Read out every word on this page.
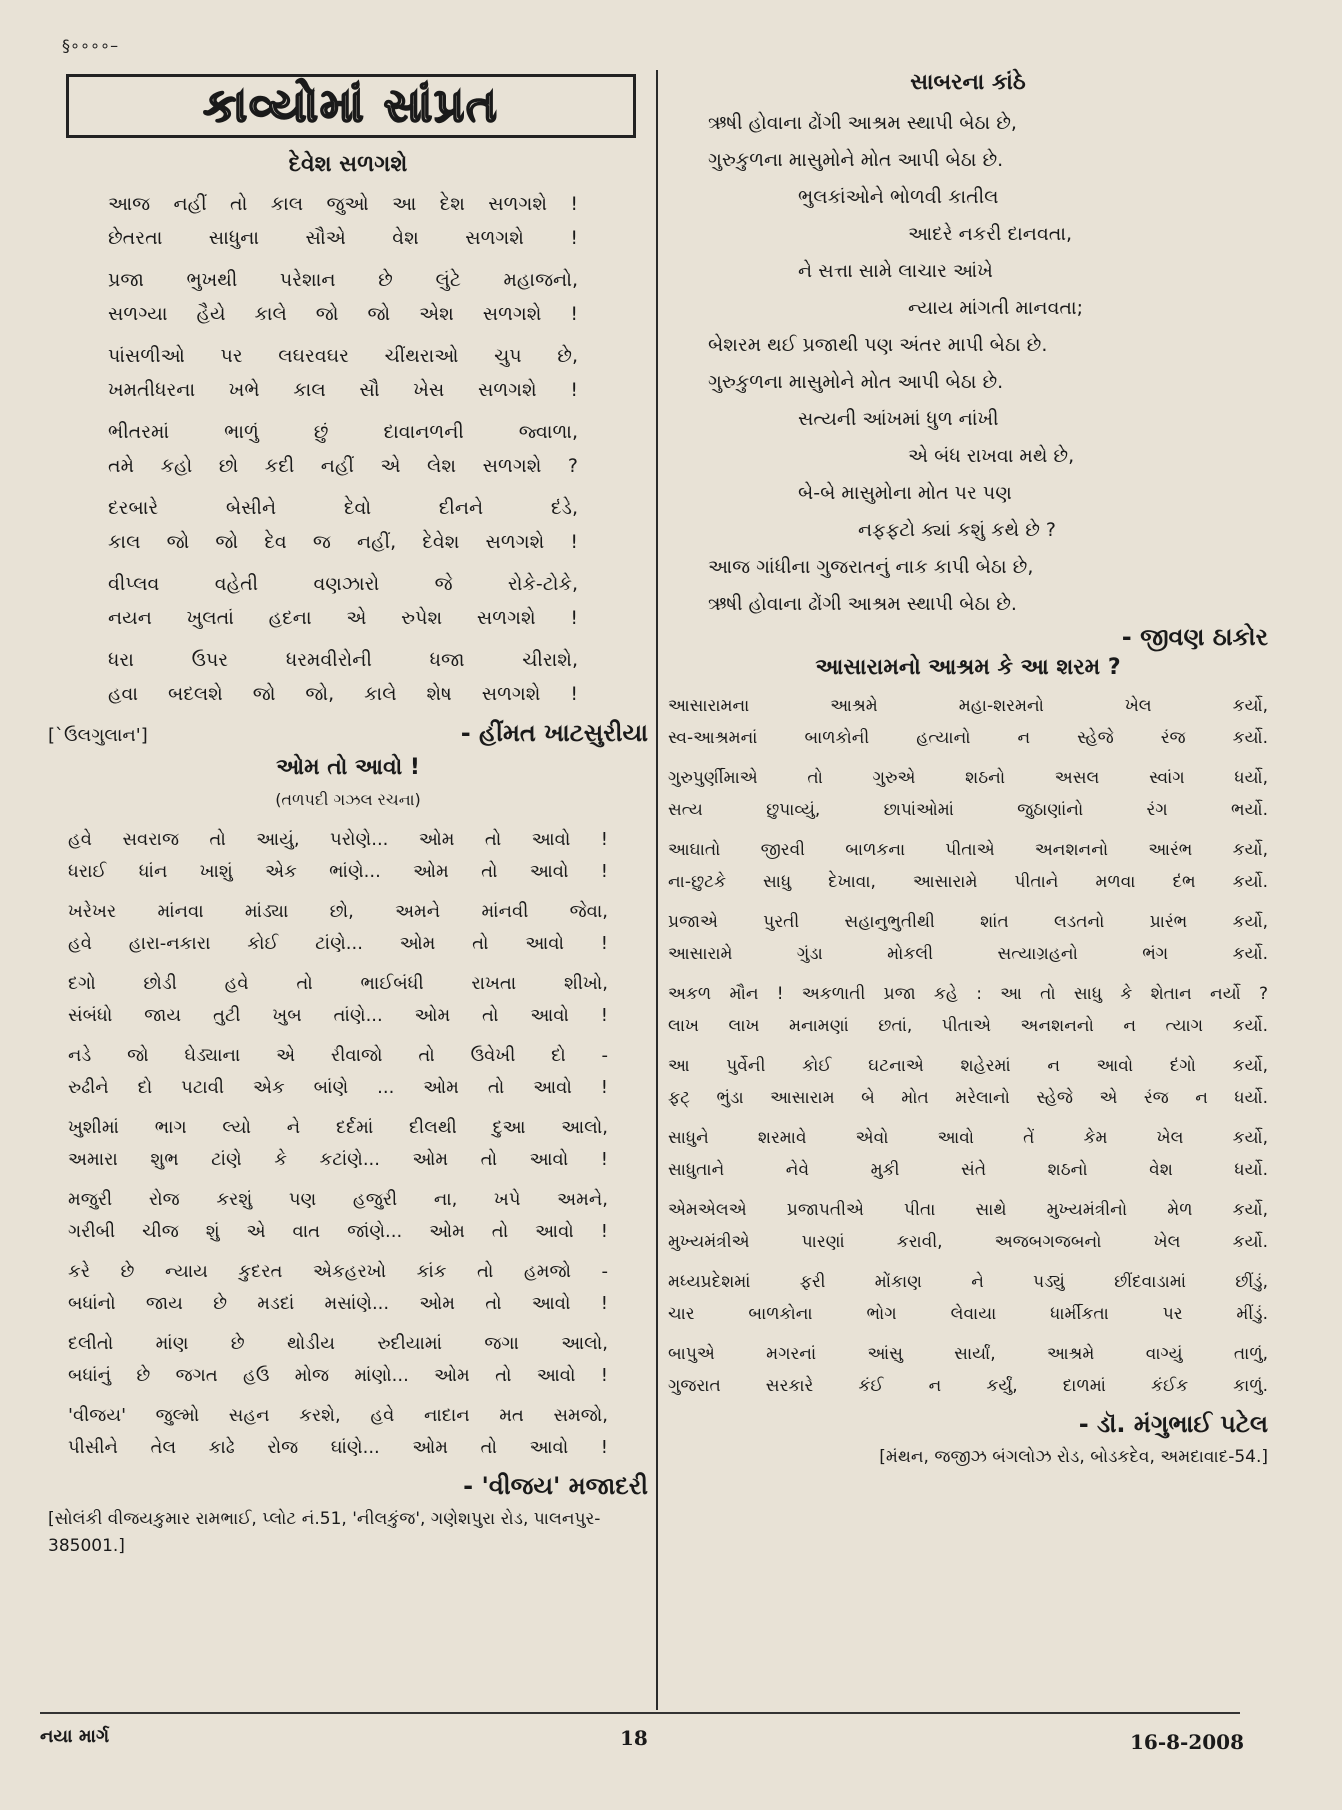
§∘∘∘∘–
કાવ્યોમાં સાંપ્રત
દેવેશ સળગશે
આજ નહીં તો કાલ જુઓ આ દેશ સળગશે !
છેતરતા સાધુના સૌએ વેશ સળગશે !
પ્રજા ભુખથી પરેશાન છે લુંટે મહાજનો,
સળગ્યા હૈયે કાલે જો જો એશ સળગશે !
પાંસળીઓ પર લઘરવઘર ચીંથરાઓ ચુપ છે,
ખમતીધરના ખભે કાલ સૌ ખેસ સળગશે !
ભીતરમાં ભાળું છું દાવાનળની જ્વાળા,
તમે કહો છો કદી નહીં એ લેશ સળગશે ?
દરબારે બેસીને દેવો દીનને દંડે,
કાલ જો જો દેવ જ નહીં, દેવેશ સળગશે !
વીપ્લવ વહેતી વણઝારો જે રોકે-ટોકે,
નયન ખુલતાં હદના એ રુપેશ સળગશે !
ધરા ઉપર ધરમવીરોની ધજા ચીરાશે,
હવા બદલશે જો જો, કાલે શેષ સળગશે !
[`ઉલગુલાન']	- હીંમત ખાટસુરીયા
ઓમ તો આવો !
(તળપદી ગઝલ રચના)
હવે સવરાજ તો આયું, પરોણે... ઓમ તો આવો !
ધરાઈ ધાંન ખાશું એક ભાંણે... ઓમ તો આવો !
ખરેખર માંનવા માંડ્યા છો, અમને માંનવી જેવા,
હવે હારા-નકારા કોઈ ટાંણે... ઓમ તો આવો !
દગો છોડી હવે તો ભાઈબંધી રાખતા શીખો,
સંબંધો જાય તુટી ખુબ તાંણે... ઓમ તો આવો !
નડે જો ઘેડ્યાના એ રીવાજો તો ઉવેખી દો -
રુઢીને દો પટાવી એક બાંણે ... ઓમ તો આવો !
ખુશીમાં ભાગ લ્યો ને દર્દમાં દીલથી દુઆ આલો,
અમારા શુભ ટાંણે કે કટાંણે... ઓમ તો આવો !
મજુરી રોજ કરશું પણ હજુરી ના, ખપે અમને,
ગરીબી ચીજ શું એ વાત જાંણે... ઓમ તો આવો !
કરે છે ન્યાય કુદરત એકહરખો કાંક તો હમજો -
બધાંનો જાય છે મડદાં મસાંણે... ઓમ તો આવો !
દલીતો માંણ છે થોડીય રુદીયામાં જગા આલો,
બધાંનું છે જગત હઉ મોજ માંણો... ઓમ તો આવો !
'વીજય' જુલ્મો સહન કરશે, હવે નાદાન મત સમજો,
પીસીને તેલ કાઢે રોજ ઘાંણે... ઓમ તો આવો !
- 'વીજય' મજાદરી
[સોલંકી વીજયકુમાર રામભાઈ, પ્લોટ નં.51, 'નીલકુંજ', ગણેશપુરા રોડ, પાલનપુર- 385001.]
સાબરના કાંઠે
ઋષી હોવાના ઢોંગી આશ્રમ સ્થાપી બેઠા છે,
ગુરુકુળના માસુમોને મોત આપી બેઠા છે.
ભુલકાંઓને ભોળવી કાતીલ
આદરે નકરી દાનવતા,
ને સત્તા સામે લાચાર આંખે
ન્યાય માંગતી માનવતા;
બેશરમ થઈ પ્રજાથી પણ અંતર માપી બેઠા છે.
ગુરુકુળના માસુમોને મોત આપી બેઠા છે.
સત્યની આંખમાં ધુળ નાંખી
એ બંધ રાખવા મથે છે,
બે-બે માસુમોના મોત પર પણ
નફફટો ક્યાં કશું કથે છે ?
આજ ગાંધીના ગુજરાતનું નાક કાપી બેઠા છે,
ઋષી હોવાના ઢોંગી આશ્રમ સ્થાપી બેઠા છે.
- જીવણ ઠાકોર
આસારામનો આશ્રમ કે આ શરમ ?
આસારામના આશ્રમે મહા-શરમનો ખેલ કર્યો,
સ્વ-આશ્રમનાં બાળકોની હત્યાનો ન સ્હેજે રંજ કર્યો.
ગુરુપુર્ણીમાએ તો ગુરુએ શઠનો અસલ સ્વાંગ ધર્યો,
સત્ય છુપાવ્યું, છાપાંઓમાં જુઠાણાંનો રંગ ભર્યો.
આઘાતો જીરવી બાળકના પીતાએ અનશનનો આરંભ કર્યો,
ના-છુટકે સાધુ દેખાવા, આસારામે પીતાને મળવા દંભ કર્યો.
પ્રજાએ પુરતી સહાનુભુતીથી શાંત લડતનો પ્રારંભ કર્યો,
આસારામે ગુંડા મોકલી સત્યાગ્રહનો ભંગ કર્યો.
અકળ મૌન ! અકળાતી પ્રજા કહે : આ તો સાધુ કે શેતાન નર્યો ?
લાખ લાખ મનામણાં છતાં, પીતાએ અનશનનો ન ત્યાગ કર્યો.
આ પુર્વેની કોઈ ઘટનાએ શહેરમાં ન આવો દંગો કર્યો,
ફટ્ ભુંડા આસારામ બે મોત મરેલાનો સ્હેજે એ રંજ ન ધર્યો.
સાધુને શરમાવે એવો આવો તેં કેમ ખેલ કર્યો,
સાધુતાને નેવે મુકી સંતે શઠનો વેશ ધર્યો.
એમએલએ પ્રજાપતીએ પીતા સાથે મુખ્યમંત્રીનો મેળ કર્યો,
મુખ્યમંત્રીએ પારણાં કરાવી, અજબગજબનો ખેલ કર્યો.
મધ્યપ્રદેશમાં ફરી મોંકાણ ને પડ્યું છીંદવાડામાં છીંડું,
ચાર બાળકોના ભોગ લેવાયા ધાર્મીકતા પર મીંડું.
બાપુએ મગરનાં આંસુ સાર્યાં, આશ્રમે વાગ્યું તાળું,
ગુજરાત સરકારે કંઈ ન કર્યું, દાળમાં કંઈક કાળું.
- ડૉ. મંગુભાઈ પટેલ
[મંથન, જજીઝ બંગલોઝ રોડ, બોડકદેવ, અમદાવાદ-54.]
નયા માર્ગ	18	16-8-2008
